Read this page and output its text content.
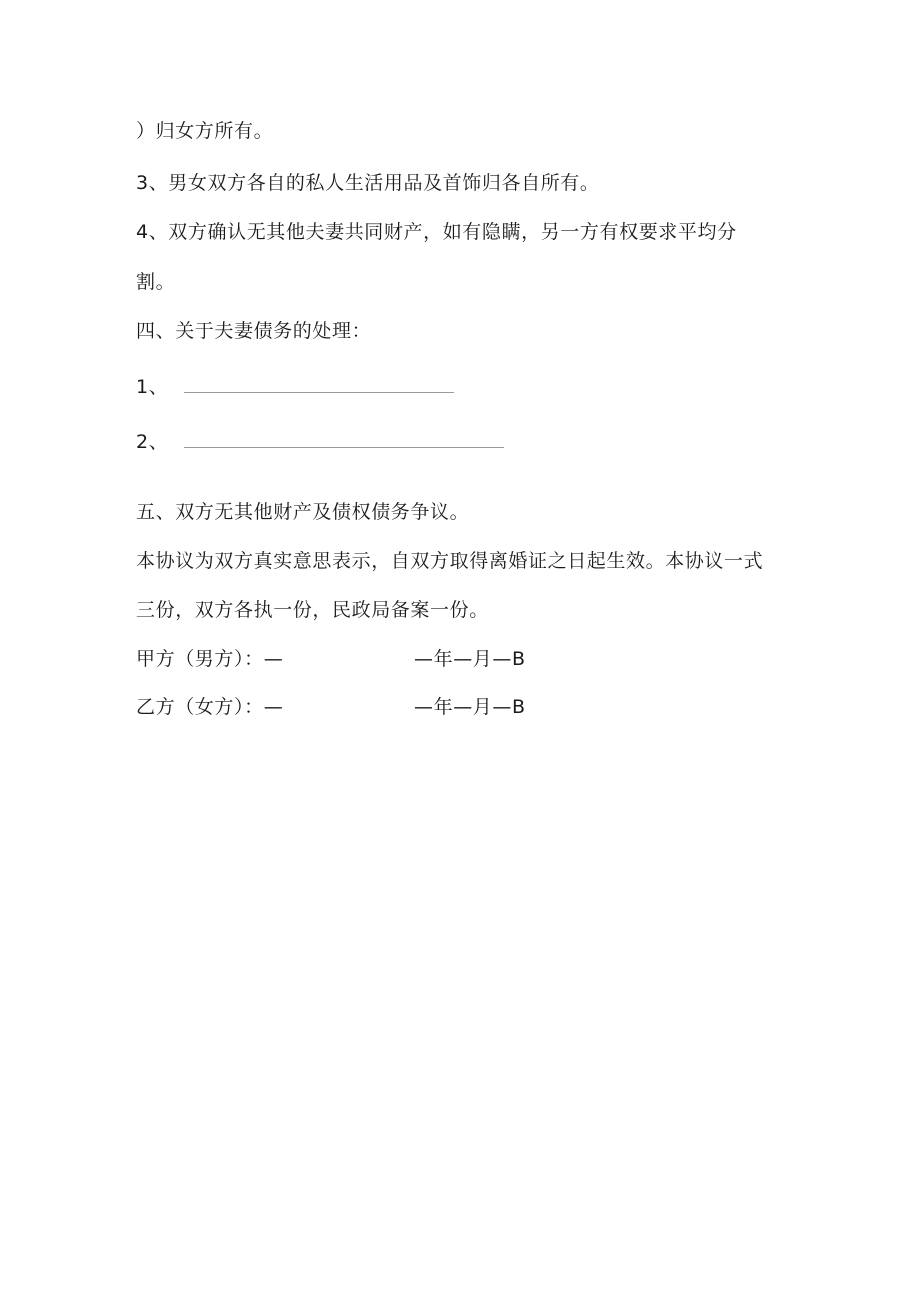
）归女方所有。
3、男女双方各自的私人生活用品及首饰归各自所有。
4、双方确认无其他夫妻共同财产，如有隐瞒，另一方有权要求平均分
割。
四、关于夫妻债务的处理：
1、
2、
五、双方无其他财产及债权债务争议。
本协议为双方真实意思表示，自双方取得离婚证之日起生效。本协议一式
三份，双方各执一份，民政局备案一份。
甲方（男方）：—	—年—月—B
乙方（女方）：—	—年—月—B
